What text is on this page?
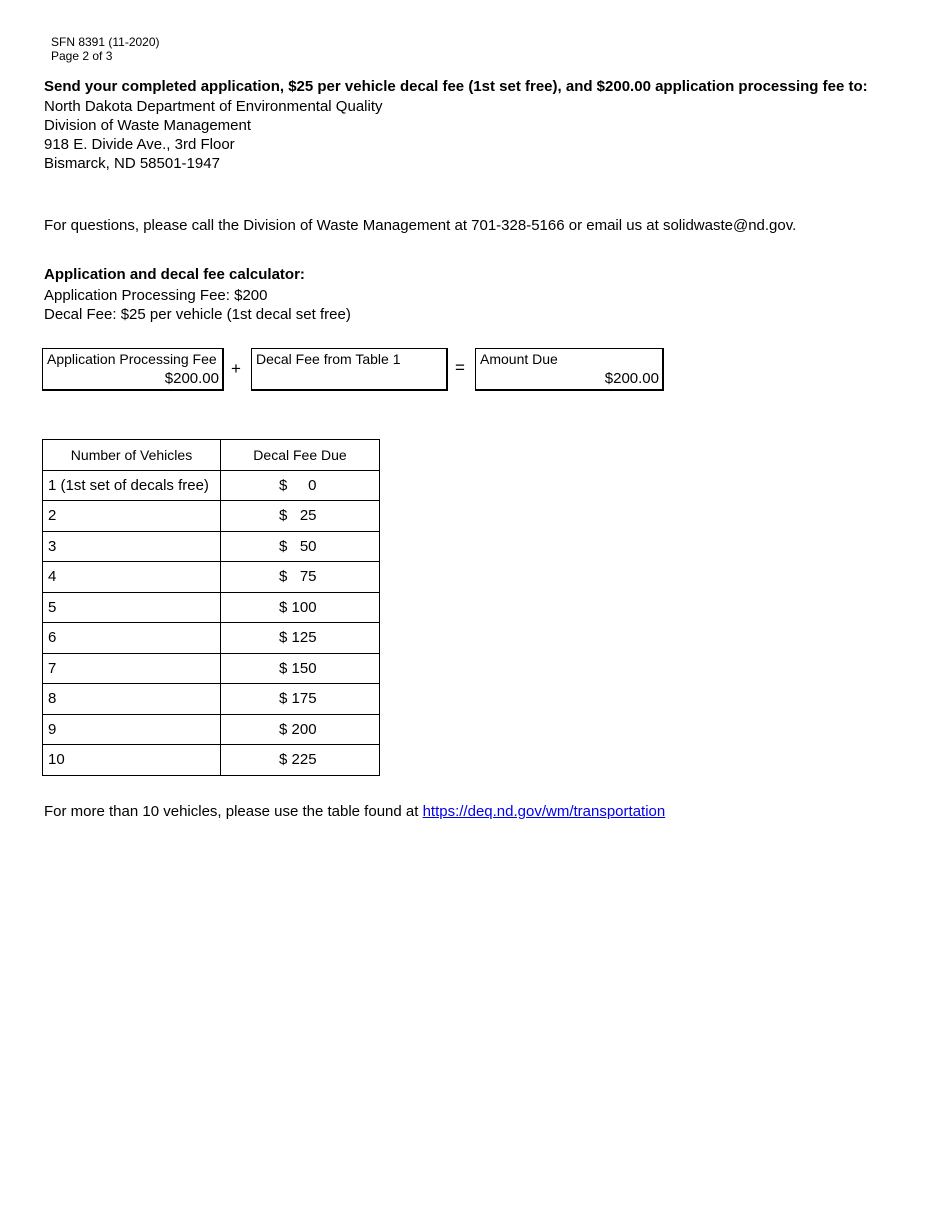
SFN 8391 (11-2020)
Page 2 of 3
Send your completed application, $25 per vehicle decal fee (1st set free), and $200.00 application processing fee to:
North Dakota Department of Environmental Quality
Division of Waste Management
918 E. Divide Ave., 3rd Floor
Bismarck, ND 58501-1947
For questions, please call the Division of Waste Management at 701-328-5166 or email us at solidwaste@nd.gov.
Application and decal fee calculator:
Application Processing Fee: $200
Decal Fee: $25 per vehicle (1st decal set free)
Application Processing Fee
$200.00
+ Decal Fee from Table 1	= Amount Due
$200.00
Number of Vehicles	Decal Fee Due
1 (1st set of decals free)	$     0
2	$   25
3	$   50
4	$   75
5	$ 100
6	$ 125
7	$ 150
8	$ 175
9	$ 200
10	$ 225
For more than 10 vehicles, please use the table found at https://deq.nd.gov/wm/transportation
